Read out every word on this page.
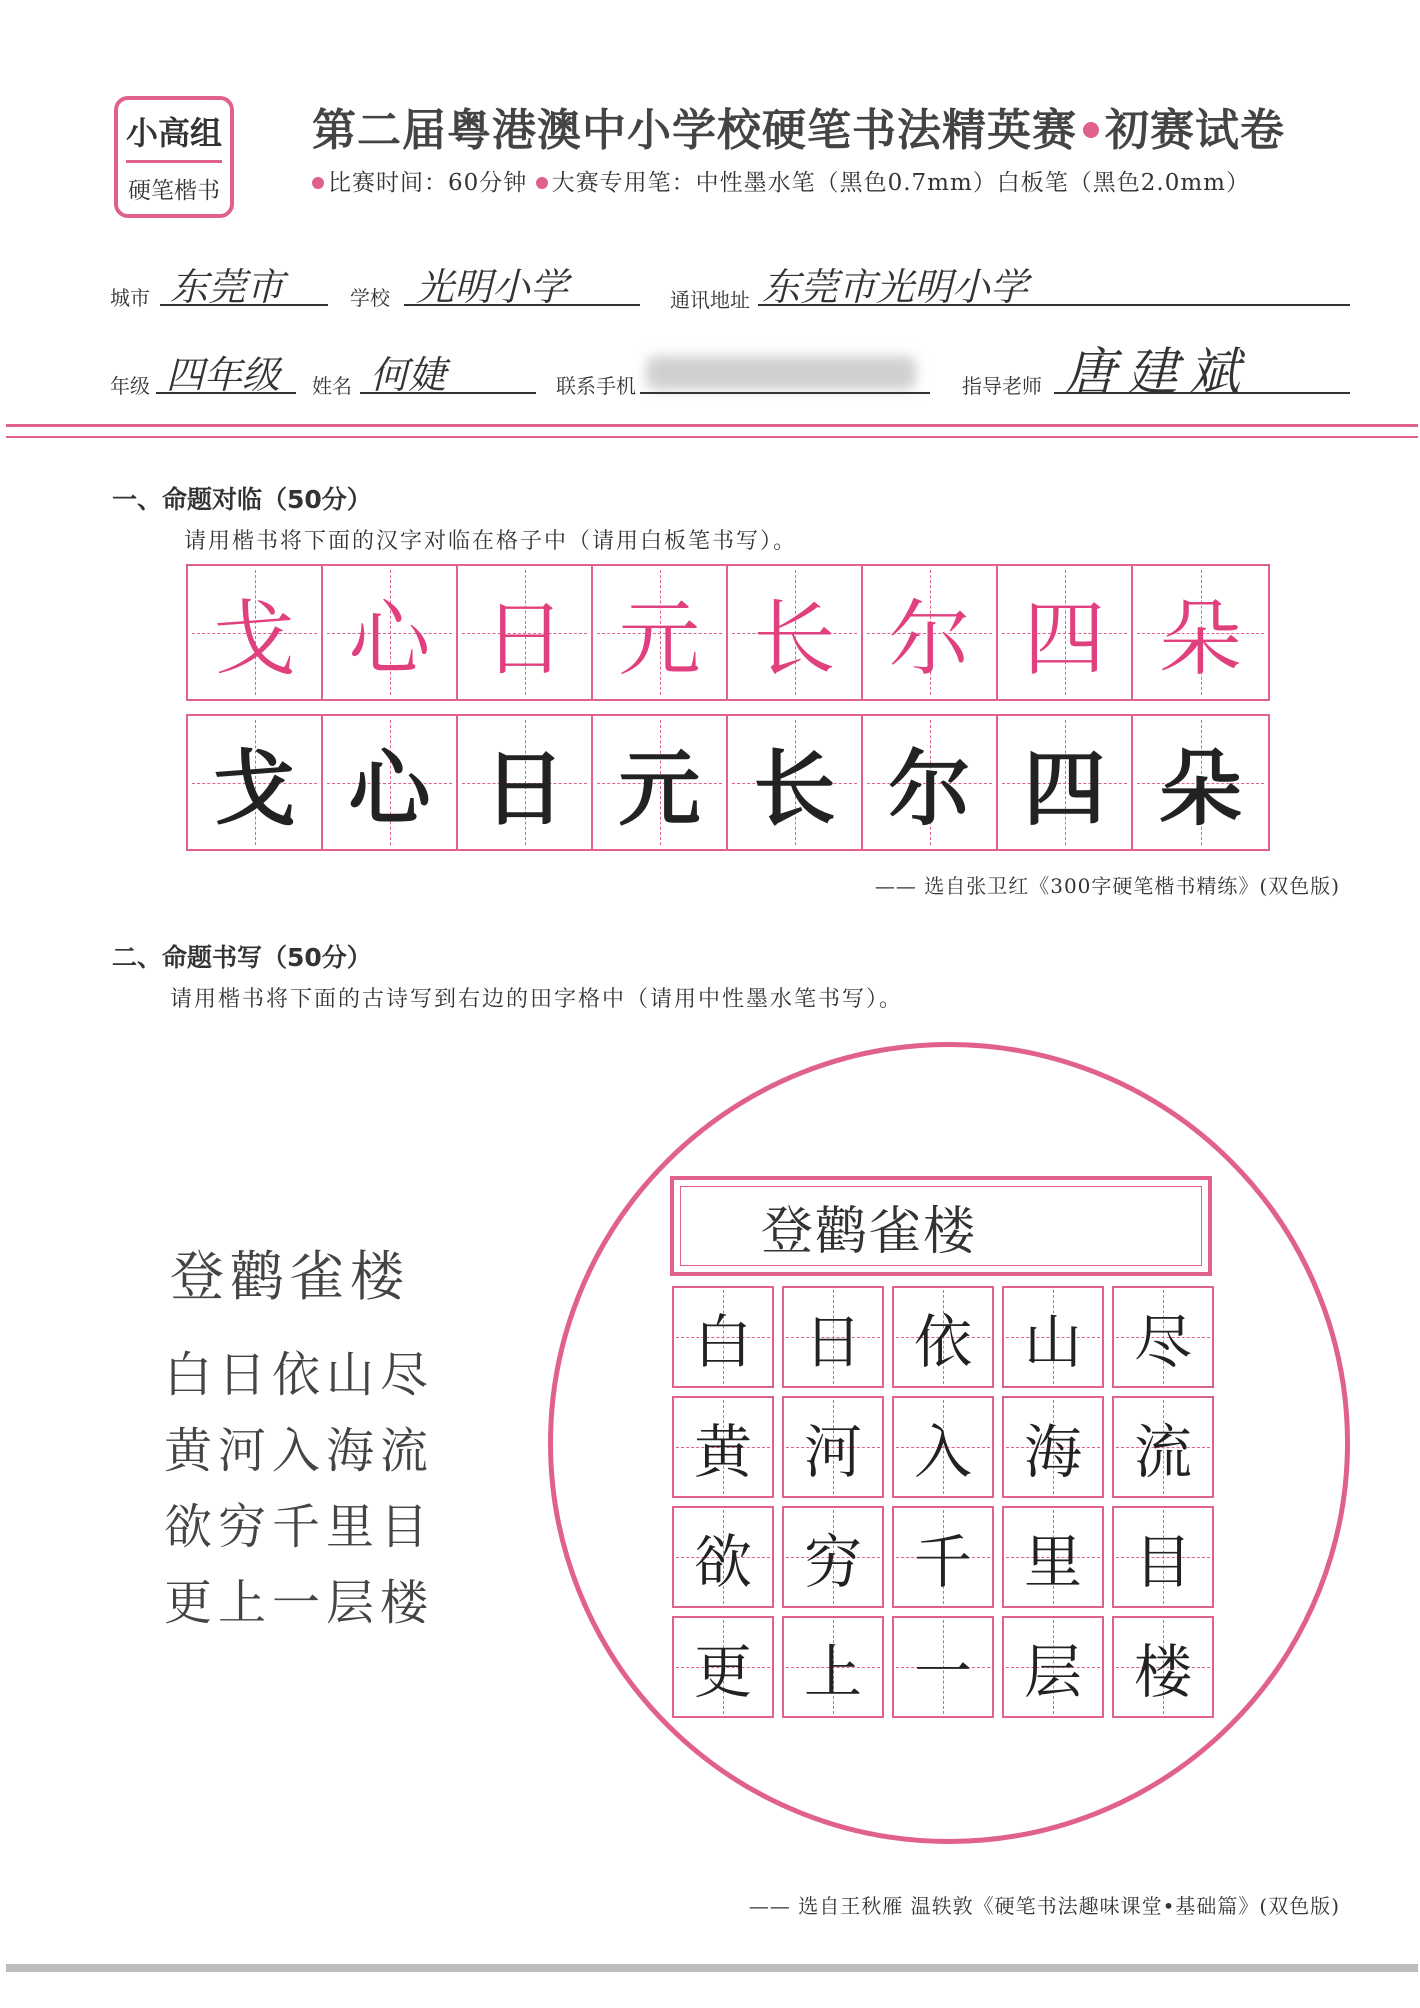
小高组
硬笔楷书
第二届粤港澳中小学校硬笔书法精英赛 初赛试卷
比赛时间：60分钟 大赛专用笔：中性墨水笔（黑色0.7mm）白板笔（黑色2.0mm）
城市 东莞市	学校 光明小学	通讯地址 东莞市光明小学
年级 四年级 姓名 何婕	联系手机	指导老师 唐建斌
一、命题对临（50分）
请用楷书将下面的汉字对临在格子中（请用白板笔书写）。
戈 心 日 元 长 尔 四 朵
戈 心 日 元 长 尔 四 朵
—— 选自张卫红《300字硬笔楷书精练》(双色版)
二、命题书写（50分）
请用楷书将下面的古诗写到右边的田字格中（请用中性墨水笔书写）。
登鹳雀楼
白日依山尽
黄河入海流
欲穷千里目
更上一层楼
登鹳雀楼
白 日 依 山 尽
黄 河 入 海 流
欲 穷 千 里 目
更 上 一 层 楼
—— 选自王秋雁 温轶敦《硬笔书法趣味课堂•基础篇》(双色版)
